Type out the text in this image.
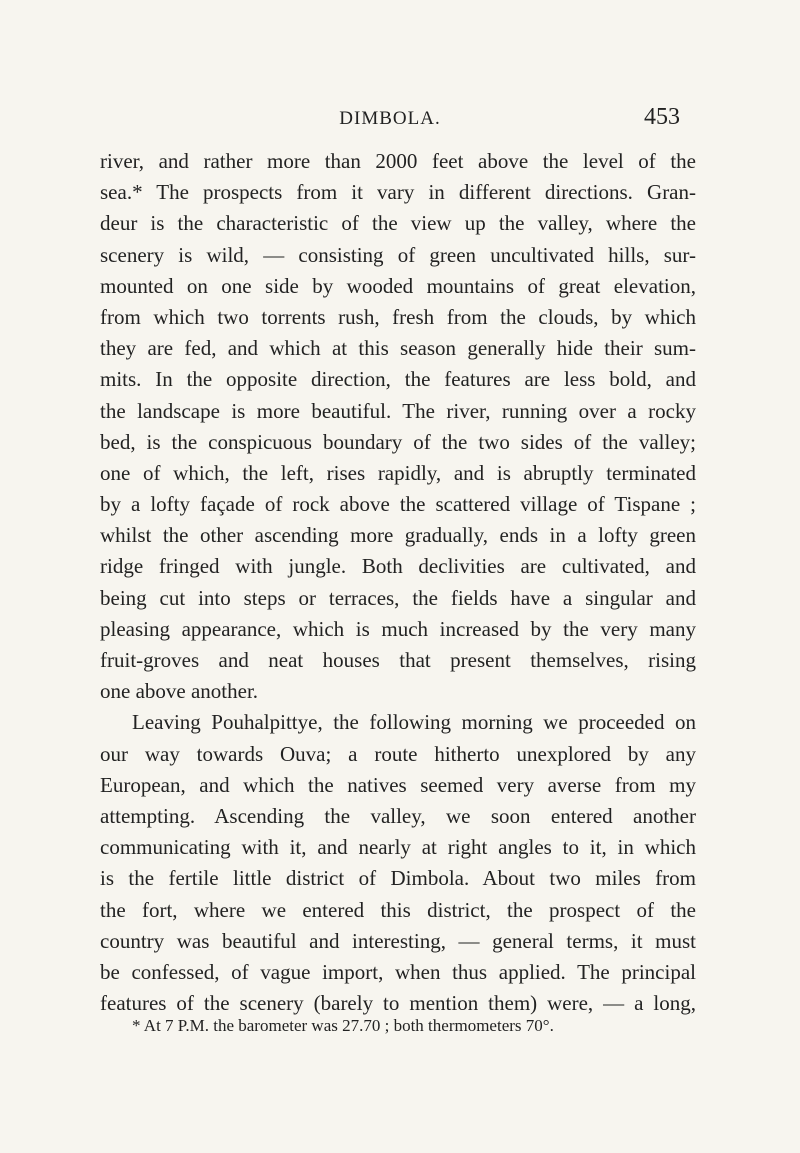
DIMBOLA.	453
river, and rather more than 2000 feet above the level of the
sea.* The prospects from it vary in different directions. Gran-
deur is the characteristic of the view up the valley, where the
scenery is wild, — consisting of green uncultivated hills, sur-
mounted on one side by wooded mountains of great elevation,
from which two torrents rush, fresh from the clouds, by which
they are fed, and which at this season generally hide their sum-
mits. In the opposite direction, the features are less bold, and
the landscape is more beautiful. The river, running over a rocky
bed, is the conspicuous boundary of the two sides of the valley;
one of which, the left, rises rapidly, and is abruptly terminated
by a lofty façade of rock above the scattered village of Tispane ;
whilst the other ascending more gradually, ends in a lofty green
ridge fringed with jungle. Both declivities are cultivated, and
being cut into steps or terraces, the fields have a singular and
pleasing appearance, which is much increased by the very many
fruit-groves and neat houses that present themselves, rising
one above another.
Leaving Pouhalpittye, the following morning we proceeded on
our way towards Ouva; a route hitherto unexplored by any
European, and which the natives seemed very averse from my
attempting. Ascending the valley, we soon entered another
communicating with it, and nearly at right angles to it, in which
is the fertile little district of Dimbola. About two miles from
the fort, where we entered this district, the prospect of the
country was beautiful and interesting, — general terms, it must
be confessed, of vague import, when thus applied. The principal
features of the scenery (barely to mention them) were, — a long,
* At 7 P.M. the barometer was 27.70 ; both thermometers 70°.
